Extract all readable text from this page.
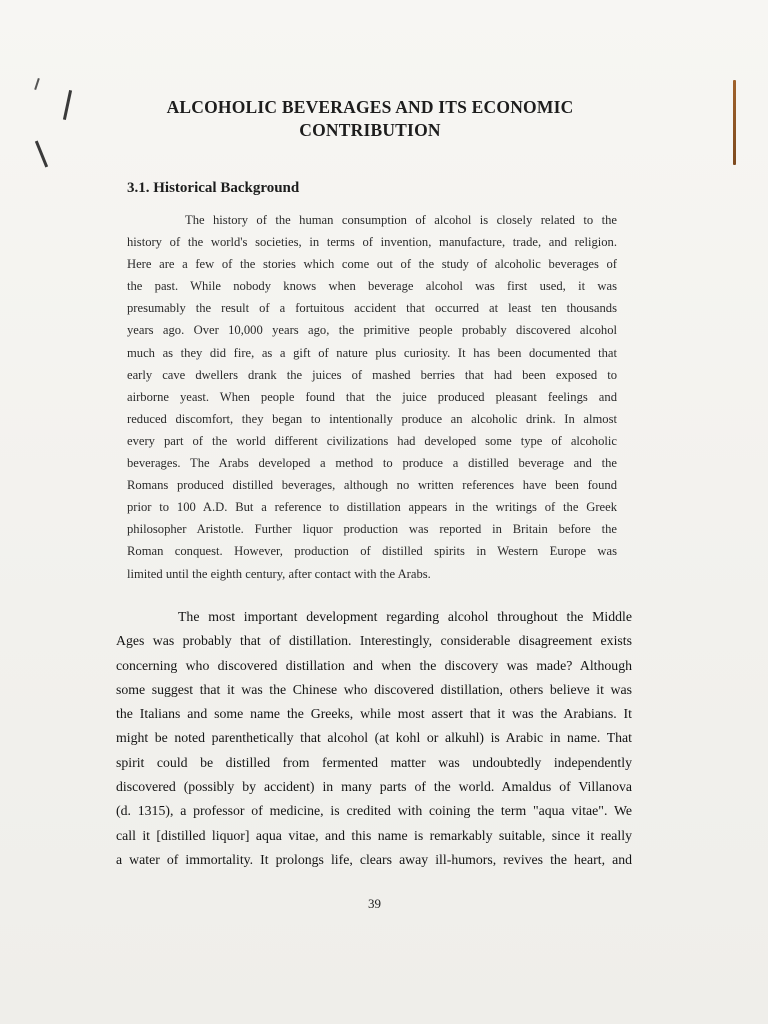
ALCOHOLIC BEVERAGES AND ITS ECONOMIC
CONTRIBUTION
3.1. Historical Background
The history of the human consumption of alcohol is closely related to the
history of the world's societies, in terms of invention, manufacture, trade, and religion.
Here are a few of the stories which come out of the study of alcoholic beverages of
the past. While nobody knows when beverage alcohol was first used, it was
presumably the result of a fortuitous accident that occurred at least ten thousands
years ago. Over 10,000 years ago, the primitive people probably discovered alcohol
much as they did fire, as a gift of nature plus curiosity. It has been documented that
early cave dwellers drank the juices of mashed berries that had been exposed to
airborne yeast. When people found that the juice produced pleasant feelings and
reduced discomfort, they began to intentionally produce an alcoholic drink. In almost
every part of the world different civilizations had developed some type of alcoholic
beverages. The Arabs developed a method to produce a distilled beverage and the
Romans produced distilled beverages, although no written references have been found
prior to 100 A.D. But a reference to distillation appears in the writings of the Greek
philosopher Aristotle. Further liquor production was reported in Britain before the
Roman conquest. However, production of distilled spirits in Western Europe was
limited until the eighth century, after contact with the Arabs.
The most important development regarding alcohol throughout the Middle
Ages was probably that of distillation. Interestingly, considerable disagreement exists
concerning who discovered distillation and when the discovery was made? Although
some suggest that it was the Chinese who discovered distillation, others believe it was
the Italians and some name the Greeks, while most assert that it was the Arabians. It
might be noted parenthetically that alcohol (at kohl or alkuhl) is Arabic in name. That
spirit could be distilled from fermented matter was undoubtedly independently
discovered (possibly by accident) in many parts of the world. Amaldus of Villanova
(d. 1315), a professor of medicine, is credited with coining the term "aqua vitae". We
call it [distilled liquor] aqua vitae, and this name is remarkably suitable, since it really
a water of immortality. It prolongs life, clears away ill-humors, revives the heart, and
39
